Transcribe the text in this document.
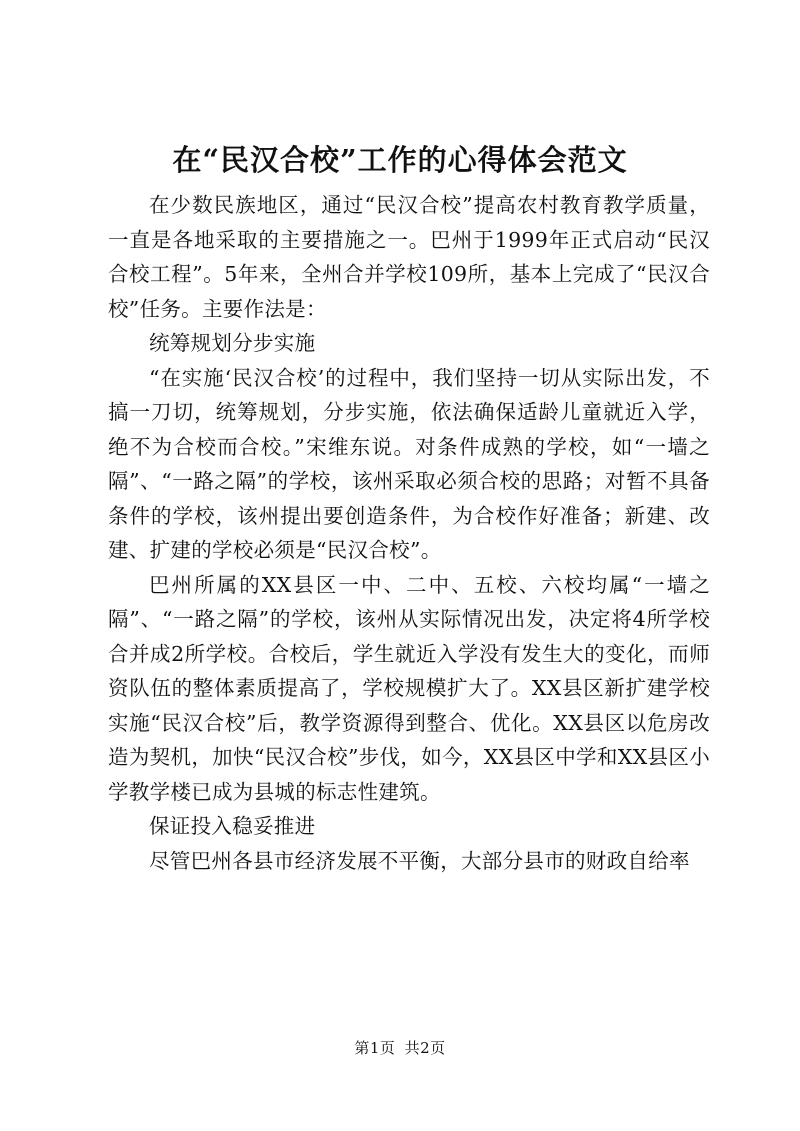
在“民汉合校”工作的心得体会范文

在少数民族地区，通过“民汉合校”提高农村教育教学质量，一直是各地采取的主要措施之一。巴州于1999年正式启动“民汉合校工程”。5年来，全州合并学校109所，基本上完成了“民汉合校”任务。主要作法是：

统筹规划分步实施

“在实施‘民汉合校’的过程中，我们坚持一切从实际出发，不搞一刀切，统筹规划，分步实施，依法确保适龄儿童就近入学，绝不为合校而合校。”宋维东说。对条件成熟的学校，如“一墙之隔”、“一路之隔”的学校，该州采取必须合校的思路；对暂不具备条件的学校，该州提出要创造条件，为合校作好准备；新建、改建、扩建的学校必须是“民汉合校”。

巴州所属的XX县区一中、二中、五校、六校均属“一墙之隔”、“一路之隔”的学校，该州从实际情况出发，决定将4所学校合并成2所学校。合校后，学生就近入学没有发生大的变化，而师资队伍的整体素质提高了，学校规模扩大了。XX县区新扩建学校实施“民汉合校”后，教学资源得到整合、优化。XX县区以危房改造为契机，加快“民汉合校”步伐，如今，XX县区中学和XX县区小学教学楼已成为县城的标志性建筑。

保证投入稳妥推进

尽管巴州各县市经济发展不平衡，大部分县市的财政自给率

第1页 共2页
